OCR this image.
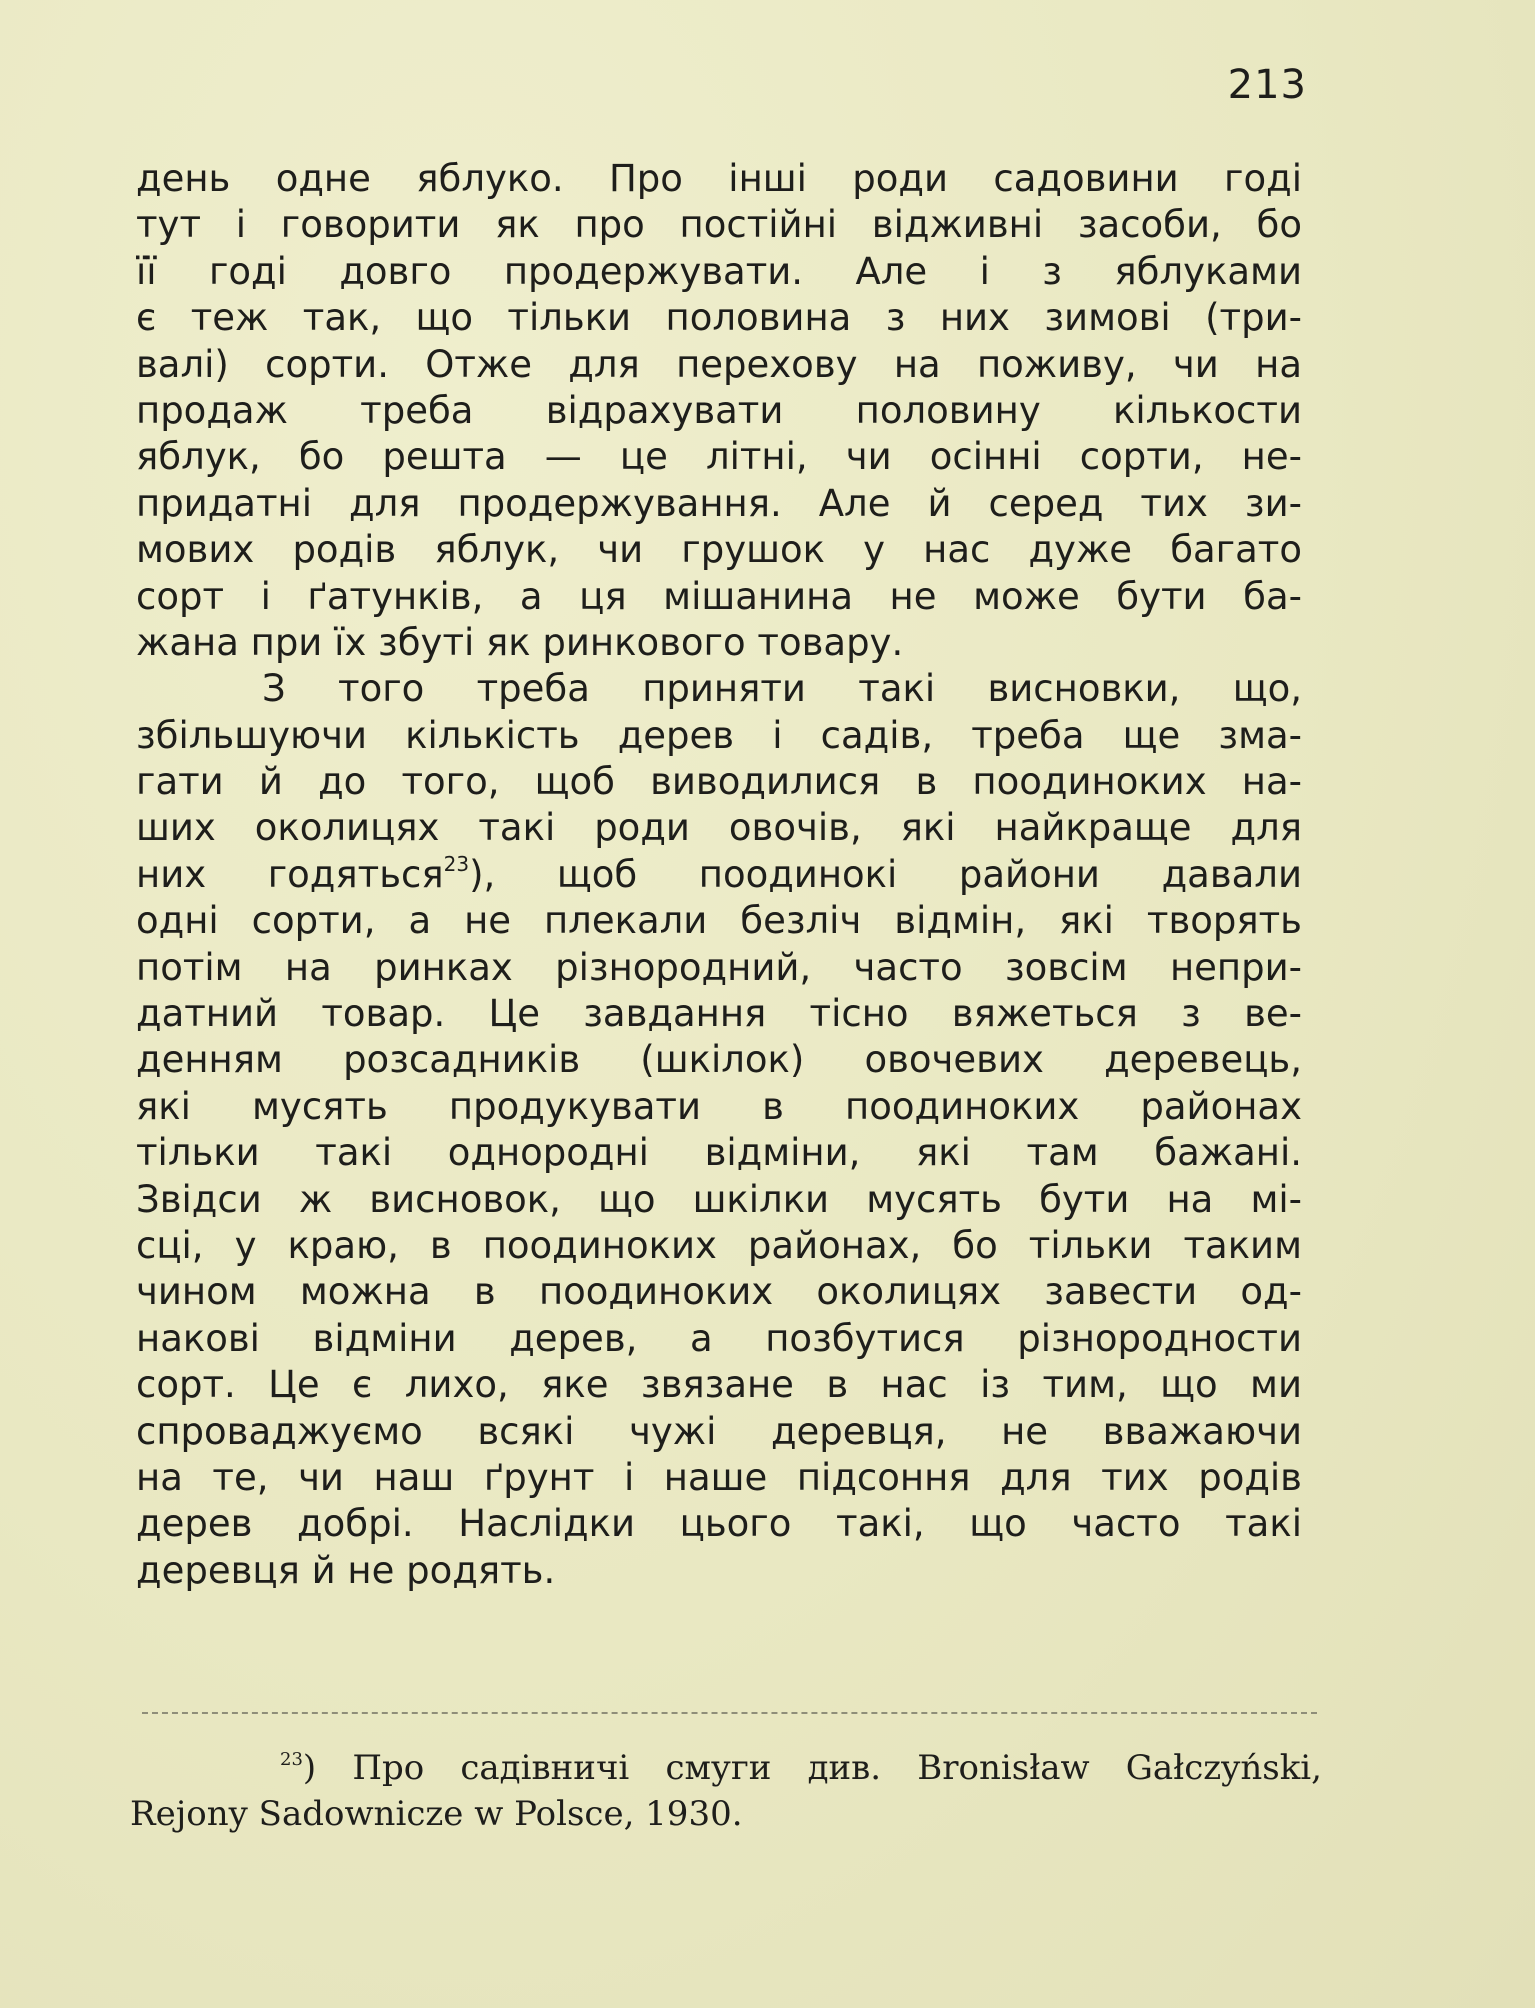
213
день одне яблуко. Про інші роди садовини годі
тут і говорити як про постійні відживні засоби, бо
її годі довго продержувати. Але і з яблуками
є теж так, що тільки половина з них зимові (три-
валі) сорти. Отже для перехову на поживу, чи на
продаж треба відрахувати половину кількости
яблук, бо решта — це літні, чи осінні сорти, не-
придатні для продержування. Але й серед тих зи-
мових родів яблук, чи грушок у нас дуже багато
сорт і ґатунків, а ця мішанина не може бути ба-
жана при їх збуті як ринкового товару.
З того треба приняти такі висновки, що,
збільшуючи кількість дерев і садів, треба ще зма-
гати й до того, щоб виводилися в поодиноких на-
ших околицях такі роди овочів, які найкраще для
них годяться$^{23}$), щоб поодинокі райони давали
одні сорти, а не плекали безліч відмін, які творять
потім на ринках різнородний, часто зовсім непри-
датний товар. Це завдання тісно вяжеться з ве-
денням розсадників (шкілок) овочевих деревець,
які мусять продукувати в поодиноких районах
тільки такі однородні відміни, які там бажані.
Звідси ж висновок, що шкілки мусять бути на мі-
сці, у краю, в поодиноких районах, бо тільки таким
чином можна в поодиноких околицях завести од-
накові відміни дерев, а позбутися різнородности
сорт. Це є лихо, яке звязане в нас із тим, що ми
спроваджуємо всякі чужі деревця, не вважаючи
на те, чи наш ґрунт і наше підсоння для тих родів
дерев добрі. Наслідки цього такі, що часто такі
деревця й не родять.
$^{23}$) Про садівничі смуги див. Bronisław Gałczyński,
Rejony Sadownicze w Polsce, 1930.
